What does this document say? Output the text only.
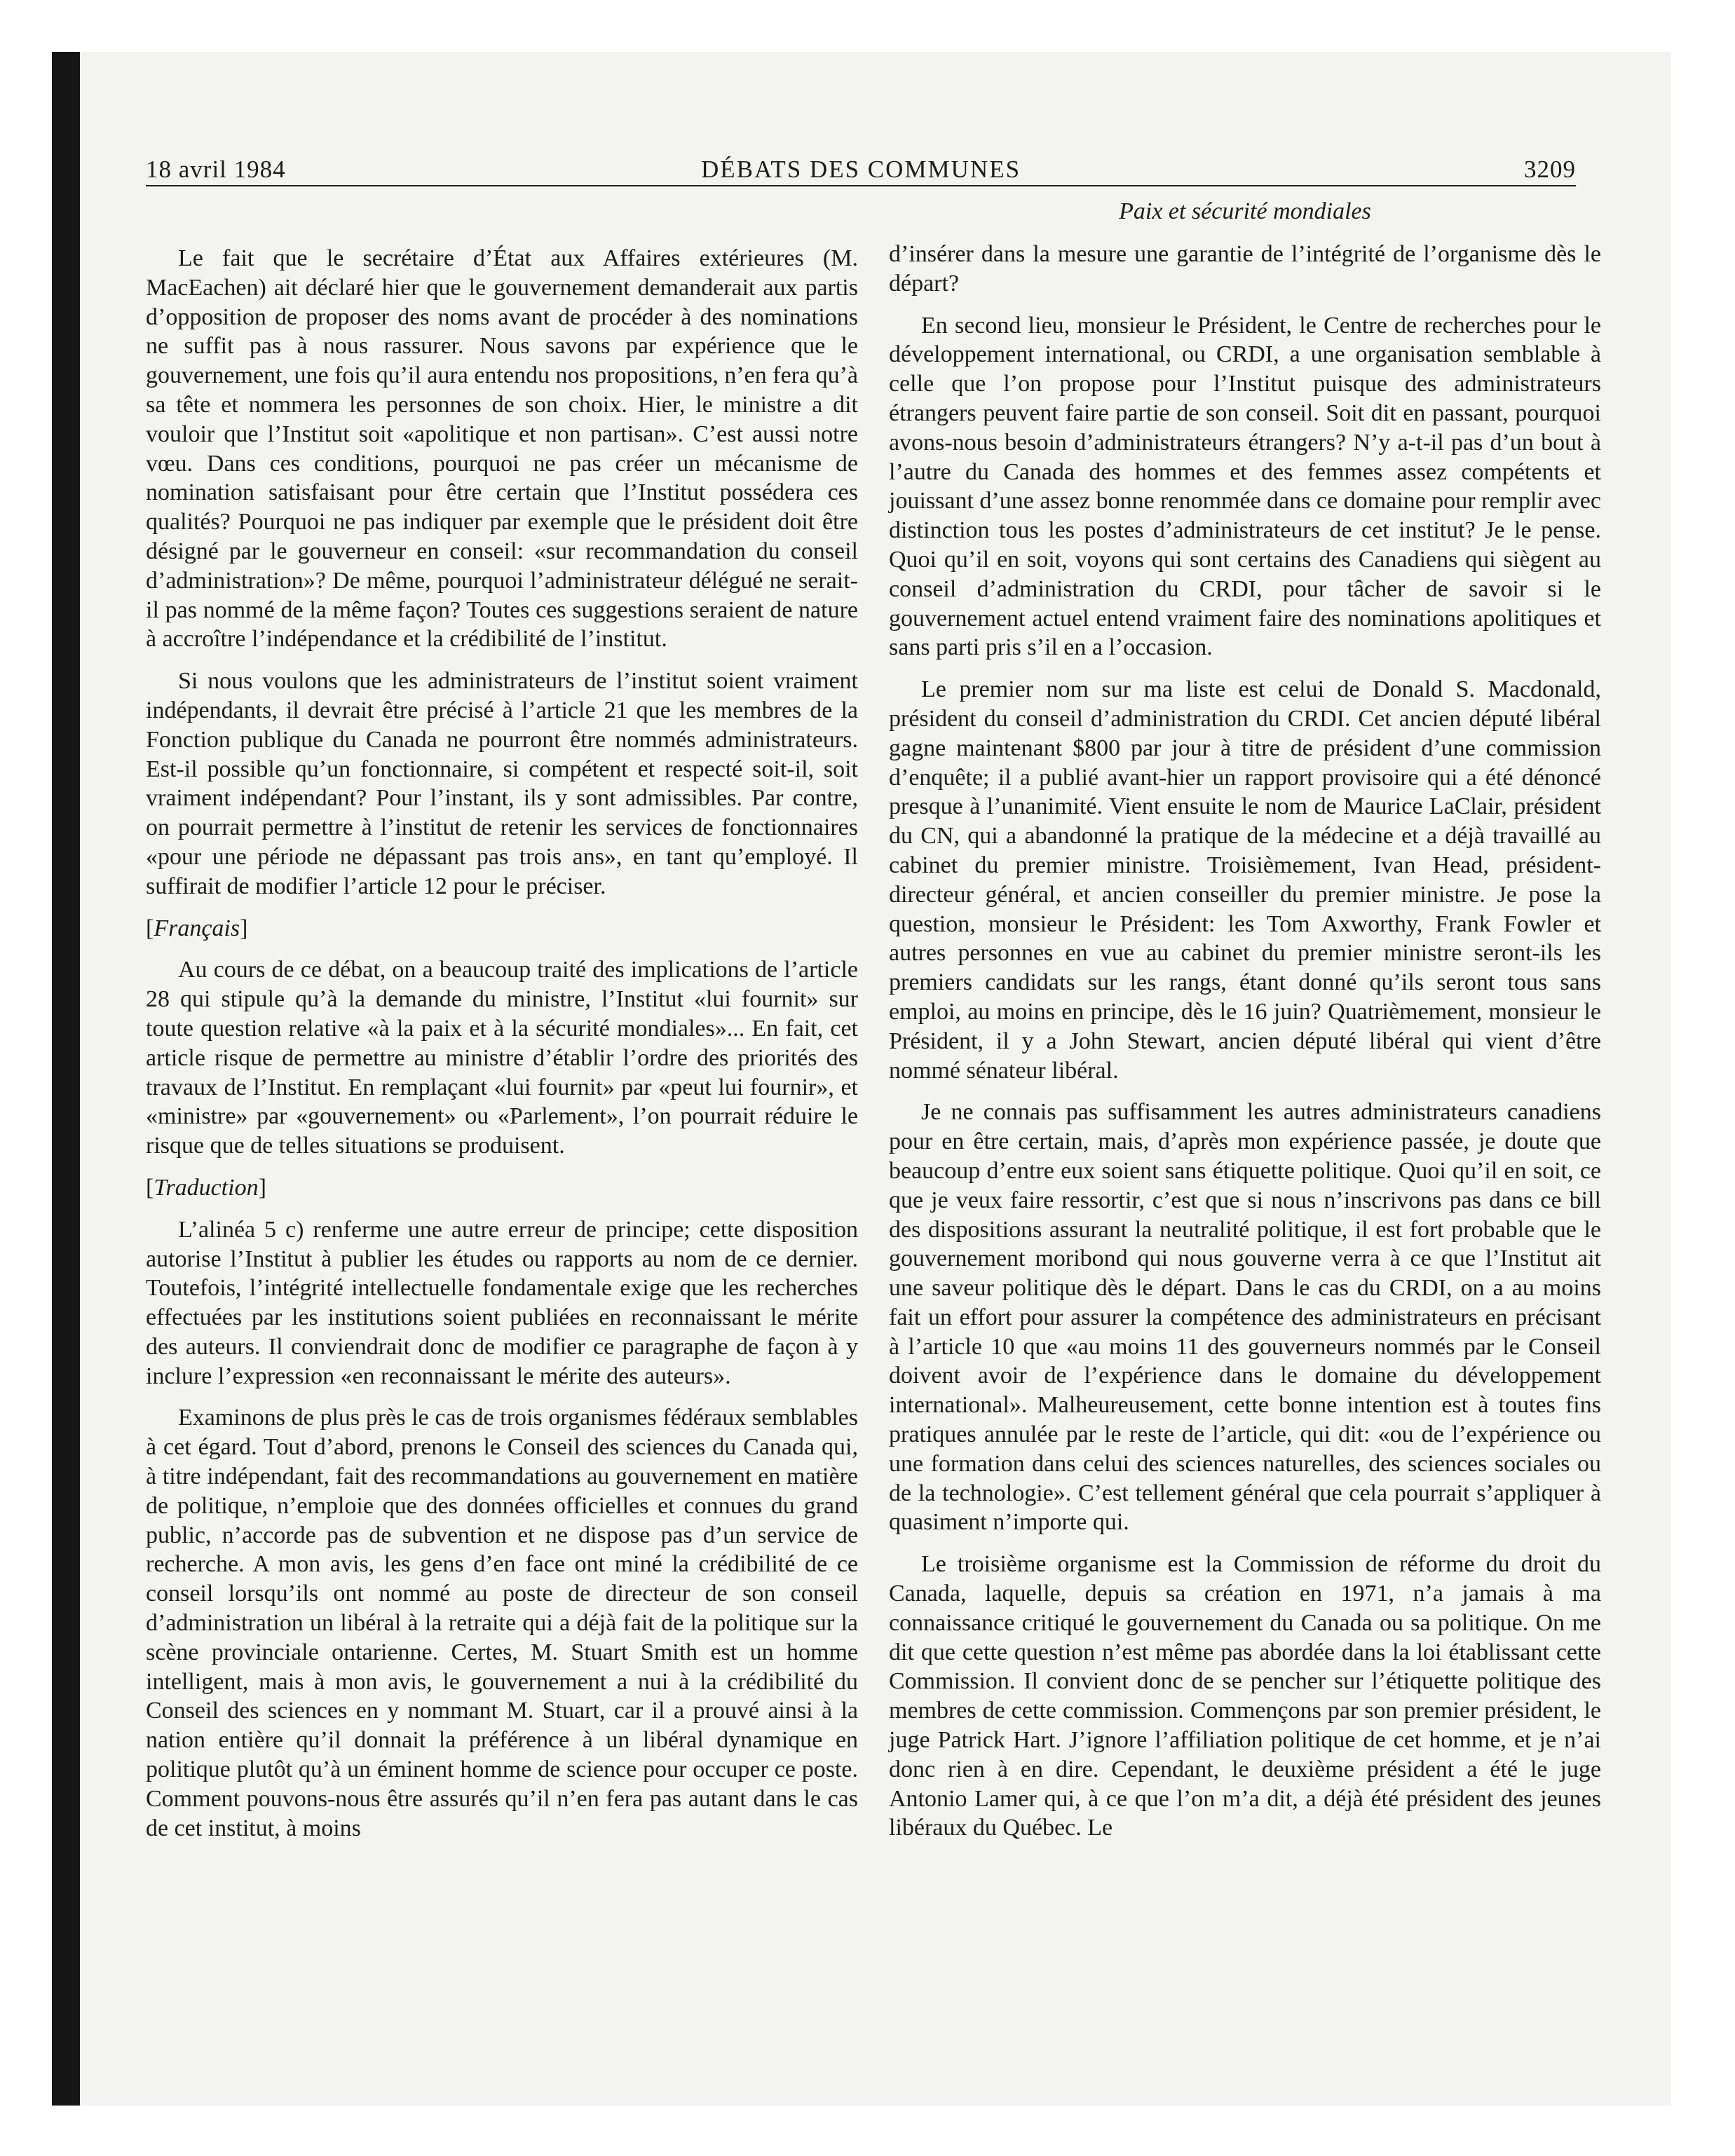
18 avril 1984	DÉBATS DES COMMUNES	3209

Le fait que le secrétaire d’État aux Affaires extérieures (M. MacEachen) ait déclaré hier que le gouvernement demanderait aux partis d’opposition de proposer des noms avant de procéder à des nominations ne suffit pas à nous rassurer. Nous savons par expérience que le gouvernement, une fois qu’il aura entendu nos propositions, n’en fera qu’à sa tête et nommera les personnes de son choix. Hier, le ministre a dit vouloir que l’Institut soit «apolitique et non partisan». C’est aussi notre vœu. Dans ces conditions, pourquoi ne pas créer un mécanisme de nomination satisfaisant pour être certain que l’Institut possédera ces qualités? Pourquoi ne pas indiquer par exemple que le président doit être désigné par le gouverneur en conseil: «sur recommandation du conseil d’administration»? De même, pourquoi l’administrateur délégué ne serait-il pas nommé de la même façon? Toutes ces suggestions seraient de nature à accroître l’indépendance et la crédibilité de l’institut.

Si nous voulons que les administrateurs de l’institut soient vraiment indépendants, il devrait être précisé à l’article 21 que les membres de la Fonction publique du Canada ne pourront être nommés administrateurs. Est-il possible qu’un fonctionnaire, si compétent et respecté soit-il, soit vraiment indépendant? Pour l’instant, ils y sont admissibles. Par contre, on pourrait permettre à l’institut de retenir les services de fonctionnaires «pour une période ne dépassant pas trois ans», en tant qu’employé. Il suffirait de modifier l’article 12 pour le préciser.

[Français]

Au cours de ce débat, on a beaucoup traité des implications de l’article 28 qui stipule qu’à la demande du ministre, l’Institut «lui fournit» sur toute question relative «à la paix et à la sécurité mondiales»... En fait, cet article risque de permettre au ministre d’établir l’ordre des priorités des travaux de l’Institut. En remplaçant «lui fournit» par «peut lui fournir», et «ministre» par «gouvernement» ou «Parlement», l’on pourrait réduire le risque que de telles situations se produisent.

[Traduction]

L’alinéa 5 c) renferme une autre erreur de principe; cette disposition autorise l’Institut à publier les études ou rapports au nom de ce dernier. Toutefois, l’intégrité intellectuelle fondamentale exige que les recherches effectuées par les institutions soient publiées en reconnaissant le mérite des auteurs. Il conviendrait donc de modifier ce paragraphe de façon à y inclure l’expression «en reconnaissant le mérite des auteurs».

Examinons de plus près le cas de trois organismes fédéraux semblables à cet égard. Tout d’abord, prenons le Conseil des sciences du Canada qui, à titre indépendant, fait des recommandations au gouvernement en matière de politique, n’emploie que des données officielles et connues du grand public, n’accorde pas de subvention et ne dispose pas d’un service de recherche. A mon avis, les gens d’en face ont miné la crédibilité de ce conseil lorsqu’ils ont nommé au poste de directeur de son conseil d’administration un libéral à la retraite qui a déjà fait de la politique sur la scène provinciale ontarienne. Certes, M. Stuart Smith est un homme intelligent, mais à mon avis, le gouvernement a nui à la crédibilité du Conseil des sciences en y nommant M. Stuart, car il a prouvé ainsi à la nation entière qu’il donnait la préférence à un libéral dynamique en politique plutôt qu’à un éminent homme de science pour occuper ce poste. Comment pouvons-nous être assurés qu’il n’en fera pas autant dans le cas de cet institut, à moins

Paix et sécurité mondiales

d’insérer dans la mesure une garantie de l’intégrité de l’organisme dès le départ?

En second lieu, monsieur le Président, le Centre de recherches pour le développement international, ou CRDI, a une organisation semblable à celle que l’on propose pour l’Institut puisque des administrateurs étrangers peuvent faire partie de son conseil. Soit dit en passant, pourquoi avons-nous besoin d’administrateurs étrangers? N’y a-t-il pas d’un bout à l’autre du Canada des hommes et des femmes assez compétents et jouissant d’une assez bonne renommée dans ce domaine pour remplir avec distinction tous les postes d’administrateurs de cet institut? Je le pense. Quoi qu’il en soit, voyons qui sont certains des Canadiens qui siègent au conseil d’administration du CRDI, pour tâcher de savoir si le gouvernement actuel entend vraiment faire des nominations apolitiques et sans parti pris s’il en a l’occasion.

Le premier nom sur ma liste est celui de Donald S. Macdonald, président du conseil d’administration du CRDI. Cet ancien député libéral gagne maintenant $800 par jour à titre de président d’une commission d’enquête; il a publié avant-hier un rapport provisoire qui a été dénoncé presque à l’unanimité. Vient ensuite le nom de Maurice LaClair, président du CN, qui a abandonné la pratique de la médecine et a déjà travaillé au cabinet du premier ministre. Troisièmement, Ivan Head, président-directeur général, et ancien conseiller du premier ministre. Je pose la question, monsieur le Président: les Tom Axworthy, Frank Fowler et autres personnes en vue au cabinet du premier ministre seront-ils les premiers candidats sur les rangs, étant donné qu’ils seront tous sans emploi, au moins en principe, dès le 16 juin? Quatrièmement, monsieur le Président, il y a John Stewart, ancien député libéral qui vient d’être nommé sénateur libéral.

Je ne connais pas suffisamment les autres administrateurs canadiens pour en être certain, mais, d’après mon expérience passée, je doute que beaucoup d’entre eux soient sans étiquette politique. Quoi qu’il en soit, ce que je veux faire ressortir, c’est que si nous n’inscrivons pas dans ce bill des dispositions assurant la neutralité politique, il est fort probable que le gouvernement moribond qui nous gouverne verra à ce que l’Institut ait une saveur politique dès le départ. Dans le cas du CRDI, on a au moins fait un effort pour assurer la compétence des administrateurs en précisant à l’article 10 que «au moins 11 des gouverneurs nommés par le Conseil doivent avoir de l’expérience dans le domaine du développement international». Malheureusement, cette bonne intention est à toutes fins pratiques annulée par le reste de l’article, qui dit: «ou de l’expérience ou une formation dans celui des sciences naturelles, des sciences sociales ou de la technologie». C’est tellement général que cela pourrait s’appliquer à quasiment n’importe qui.

Le troisième organisme est la Commission de réforme du droit du Canada, laquelle, depuis sa création en 1971, n’a jamais à ma connaissance critiqué le gouvernement du Canada ou sa politique. On me dit que cette question n’est même pas abordée dans la loi établissant cette Commission. Il convient donc de se pencher sur l’étiquette politique des membres de cette commission. Commençons par son premier président, le juge Patrick Hart. J’ignore l’affiliation politique de cet homme, et je n’ai donc rien à en dire. Cependant, le deuxième président a été le juge Antonio Lamer qui, à ce que l’on m’a dit, a déjà été président des jeunes libéraux du Québec. Le
